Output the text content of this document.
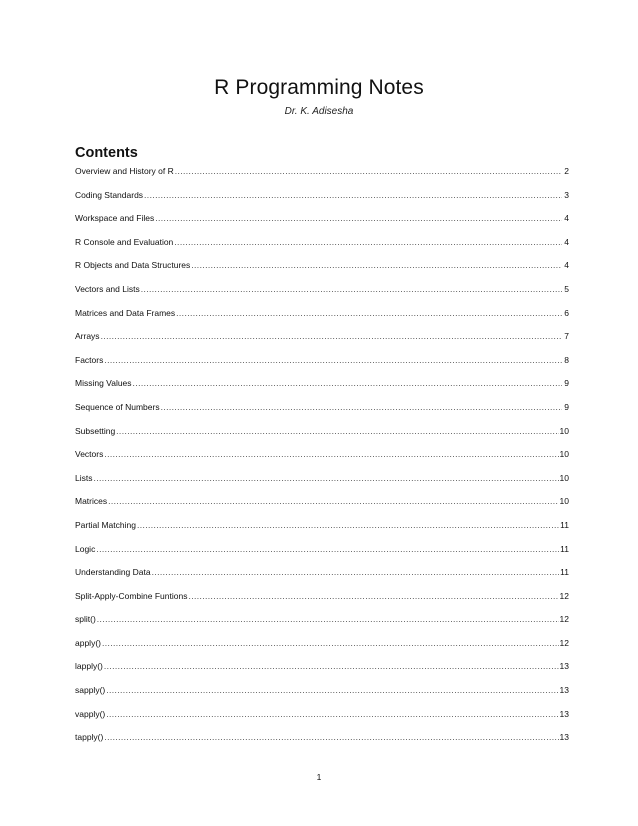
R Programming Notes
Dr. K. Adisesha
Contents
Overview and History of R .....	2
Coding Standards .....	3
Workspace and Files .....	4
R Console and Evaluation .....	4
R Objects and Data Structures .....	4
Vectors and Lists .....	5
Matrices and Data Frames .....	6
Arrays .....	7
Factors .....	8
Missing Values .....	9
Sequence of Numbers .....	9
Subsetting .....	10
Vectors .....	10
Lists .....	10
Matrices .....	10
Partial Matching .....	11
Logic .....	11
Understanding Data .....	11
Split-Apply-Combine Funtions .....	12
split() .....	12
apply() .....	12
lapply() .....	13
sapply() .....	13
vapply() .....	13
tapply() .....	13
1
